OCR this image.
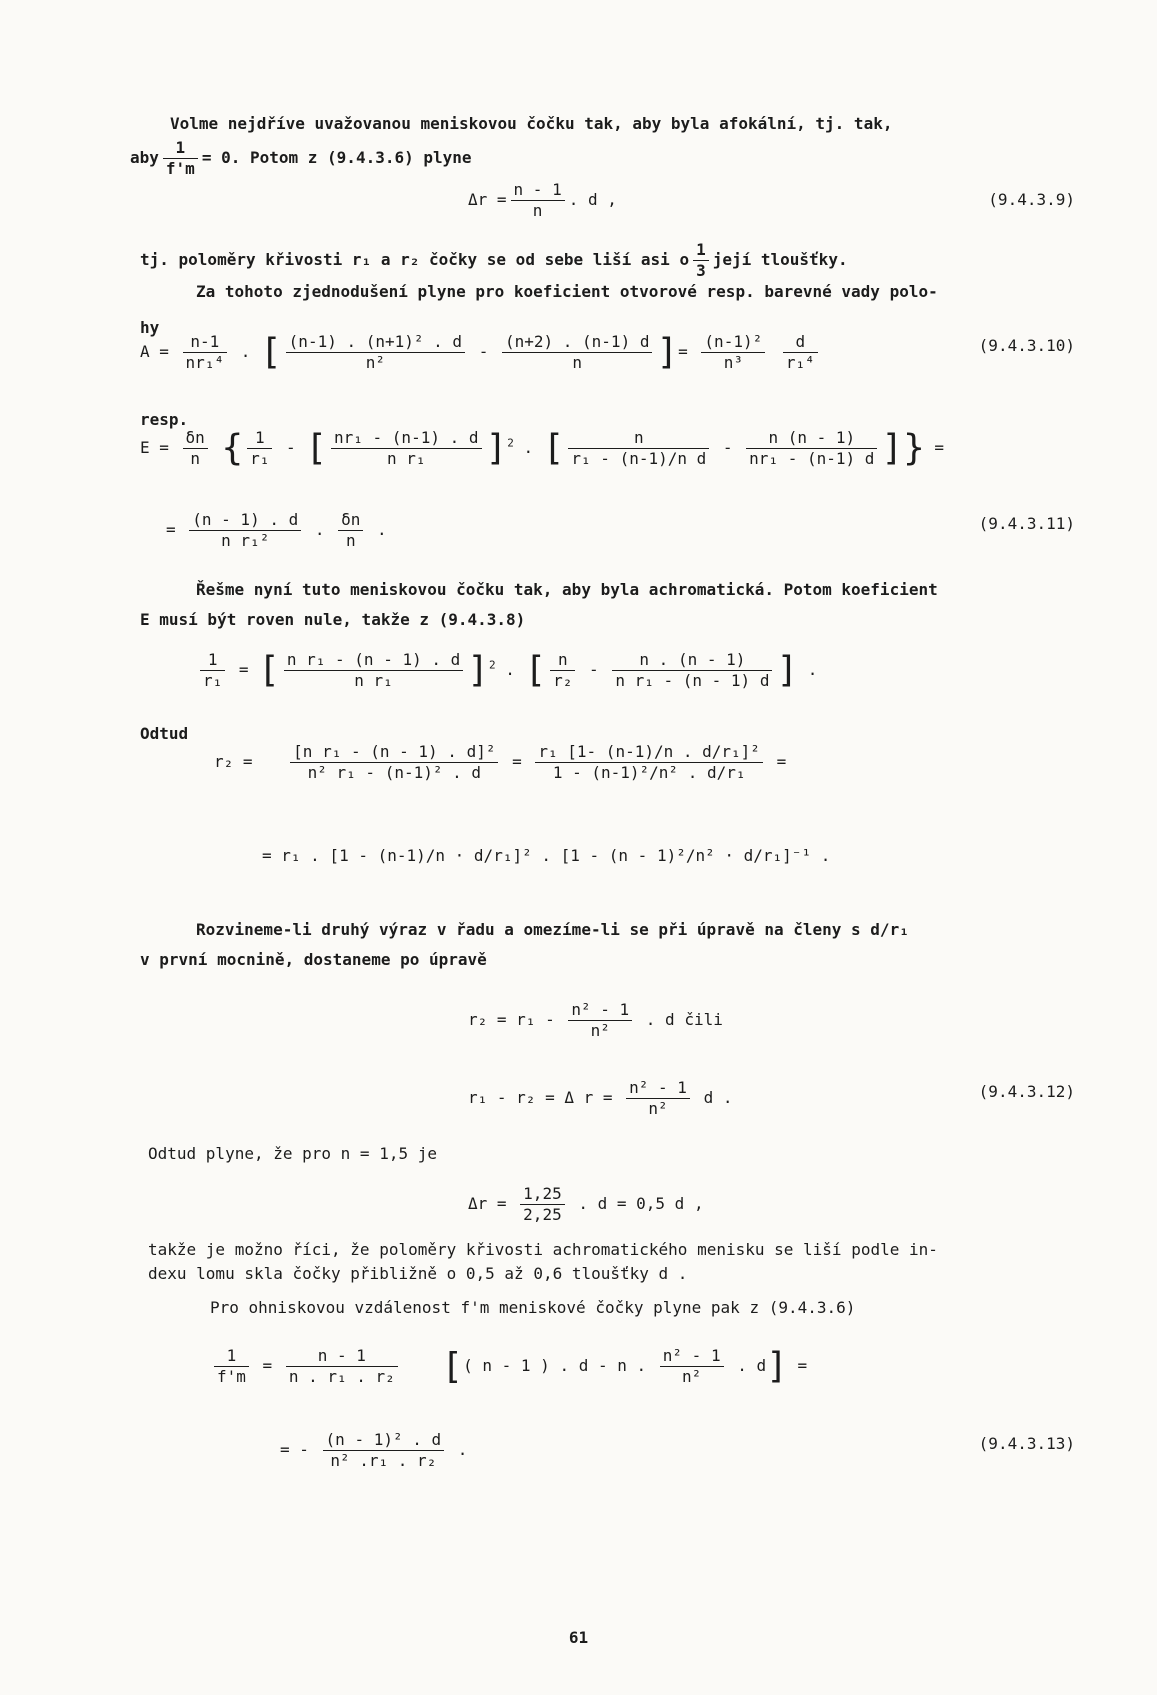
Volme nejdříve uvažovanou meniskovou čočku tak, aby byla afokální, tj. tak,
aby $\frac{1}{f'm} = 0$. Potom z (9.4.3.6) plyne
$\Delta r = \frac{n - 1}{n}$ . d ,	(9.4.3.9)
tj. poloměry křivosti r₁ a r₂ čočky se od sebe liší asi o $\frac{1}{3}$ její tloušťky.
Za tohoto zjednodušení plyne pro koeficient otvorové resp. barevné vady polo-
hy
$A = \frac{n-1}{\text{nr₁⁴}}$ . [ $\frac{\text{(n-1) . (n+1)² . d}}{\text{n²}} - \frac{(n+2) . (n-1) d}{n}$ ]= $\frac{\text{(n-1)²}}{\text{n³}}$
$\frac{d}{\text{r₁⁴}}$	(9.4.3.10)
resp.
$E = \frac{\delta n}{n}$ { $\frac{1}{\text{r₁}}$ - [ $\frac{\text{nr₁ - (n-1) . d}}{\text{n r₁}} ]^2$ . [ $\frac{n}{\text{r₁ - (n-1)/n d}} - \frac{n (n - 1)}{\text{nr₁ - (n-1) d}}$ ]} =
= $\frac{(n - 1) . d}{\text{n r₁²}}$ . $\frac{\delta n}{n}$ .	(9.4.3.11)
Řešme nyní tuto meniskovou čočku tak, aby byla achromatická. Potom koeficient
E musí být roven nule, takže z (9.4.3.8)
$\frac{1}{\text{r₁}}$ = [ $\frac{\text{n r₁ - (n - 1) . d}}{\text{n r₁}} ]^2$ . [ $\frac{n}{\text{r₂}} - \frac{n . (n - 1)}{\text{n r₁ - (n - 1) d}}$ ] .
Odtud
$r_2 = \frac{\text{[n r₁ - (n - 1) . d]²}}{\text{n² r₁ - (n-1)² . d}} = \frac{\text{r₁ [1- (n-1)/n . d/r₁]²}}{\text{1 - (n-1)²/n² . d/r₁}}$ =
= r₁ . [1 - (n-1)/n · d/r₁]² . [1 - (n - 1)²/n² · d/r₁]⁻¹ .
Rozvineme-li druhý výraz v řadu a omezíme-li se při úpravě na členy s d/r₁
v první mocnině, dostaneme po úpravě
$r_2 = r_1 - \frac{\text{n² - 1}}{\text{n²}}$ . d čili
r₁ - r₂ = Δ $r = \frac{\text{n² - 1}}{\text{n²}}$ d .	(9.4.3.12)
Odtud plyne, že pro n = 1,5 je
$\Delta r = \frac{1,25}{2,25}$ . d = 0,5 d ,
takže je možno říci, že poloměry křivosti achromatického menisku se liší podle in-
dexu lomu skla čočky přibližně o 0,5 až 0,6 tloušťky d .
Pro ohniskovou vzdálenost f'm meniskové čočky plyne pak z (9.4.3.6)
$\frac{1}{f'm} = \frac{n - 1}{\text{n . r₁ . r₂}}$ [( n - 1 ) . d - n . $\frac{\text{n² - 1}}{\text{n²}}$ . d] =
= - $\frac{\text{(n - 1)² . d}}{\text{n² .r₁ . r₂}}$ .	(9.4.3.13)
61
